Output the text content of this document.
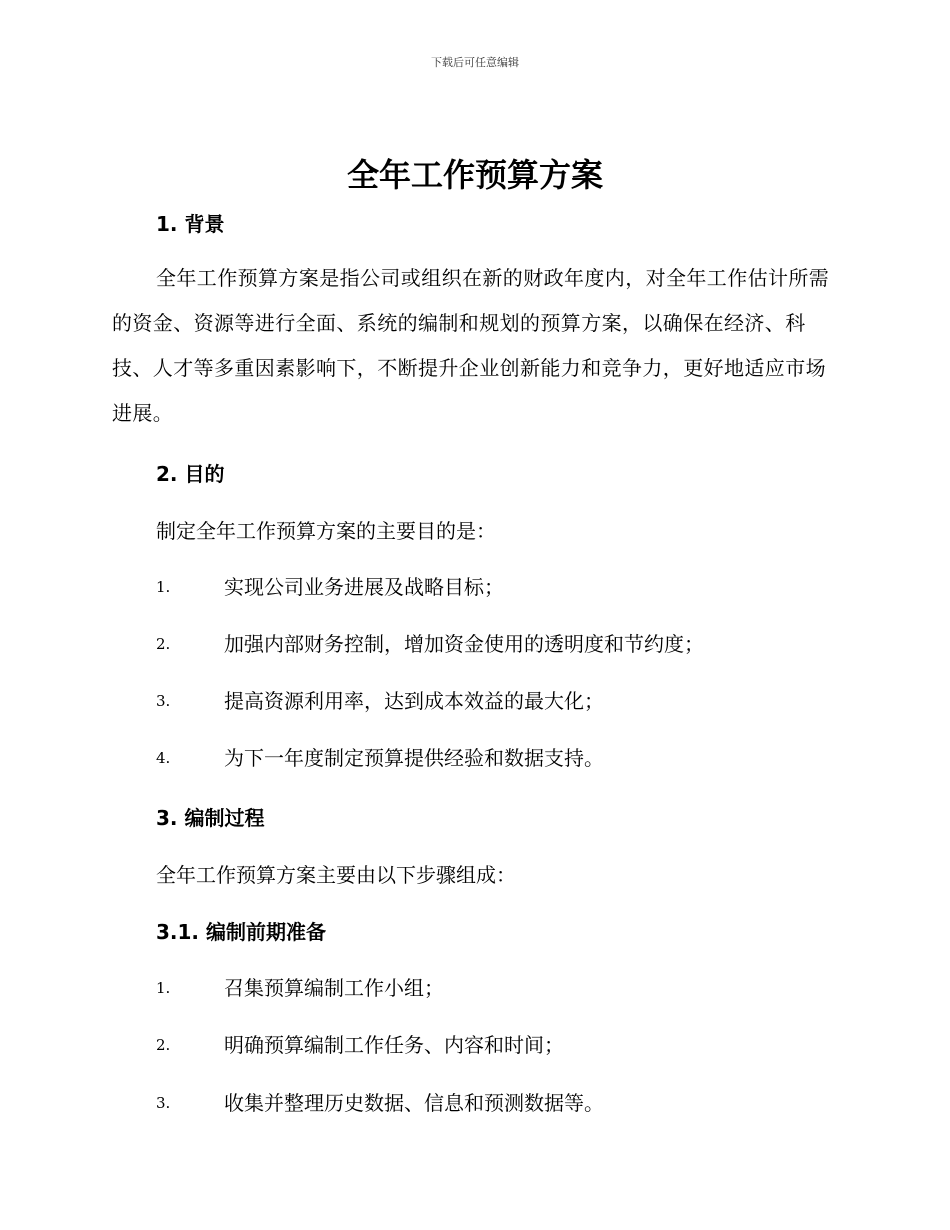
下载后可任意编辑
全年工作预算方案
1. 背景
全年工作预算方案是指公司或组织在新的财政年度内，对全年工作估计所需的资金、资源等进行全面、系统的编制和规划的预算方案，以确保在经济、科技、人才等多重因素影响下，不断提升企业创新能力和竞争力，更好地适应市场进展。
2. 目的
制定全年工作预算方案的主要目的是：
1.	实现公司业务进展及战略目标；
2.	加强内部财务控制，增加资金使用的透明度和节约度；
3.	提高资源利用率，达到成本效益的最大化；
4.	为下一年度制定预算提供经验和数据支持。
3. 编制过程
全年工作预算方案主要由以下步骤组成：
3.1. 编制前期准备
1.	召集预算编制工作小组；
2.	明确预算编制工作任务、内容和时间；
3.	收集并整理历史数据、信息和预测数据等。
